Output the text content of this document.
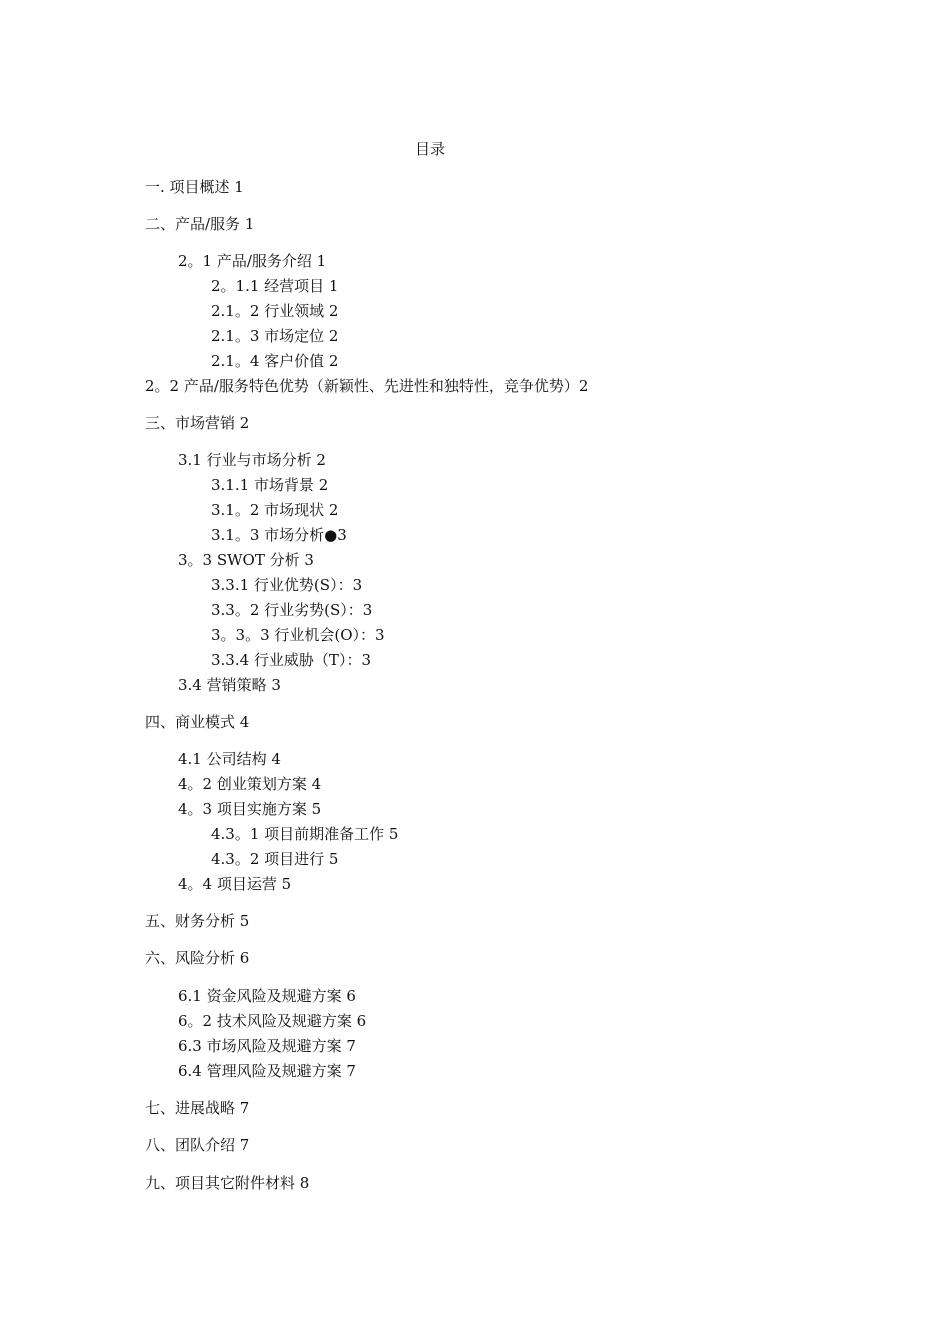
目录
一. 项目概述 1
二、产品/服务 1
2。1 产品/服务介绍 1
2。1.1 经营项目 1
2.1。2 行业领域 2
2.1。3 市场定位 2
2.1。4 客户价值 2
2。2 产品/服务特色优势（新颖性、先进性和独特性，竞争优势）2
三、市场营销 2
3.1 行业与市场分析 2
3.1.1 市场背景 2
3.1。2 市场现状 2
3.1。3 市场分析●3
3。3 SWOT 分析 3
3.3.1 行业优势(S）：3
3.3。2 行业劣势(S）：3
3。3。3 行业机会(O）：3
3.3.4 行业威胁（T）：3
3.4 营销策略 3
四、商业模式 4
4.1 公司结构 4
4。2 创业策划方案 4
4。3 项目实施方案 5
4.3。1 项目前期准备工作 5
4.3。2 项目进行 5
4。4 项目运营 5
五、财务分析 5
六、风险分析 6
6.1 资金风险及规避方案 6
6。2 技术风险及规避方案 6
6.3 市场风险及规避方案 7
6.4 管理风险及规避方案 7
七、进展战略 7
八、团队介绍 7
九、项目其它附件材料 8
